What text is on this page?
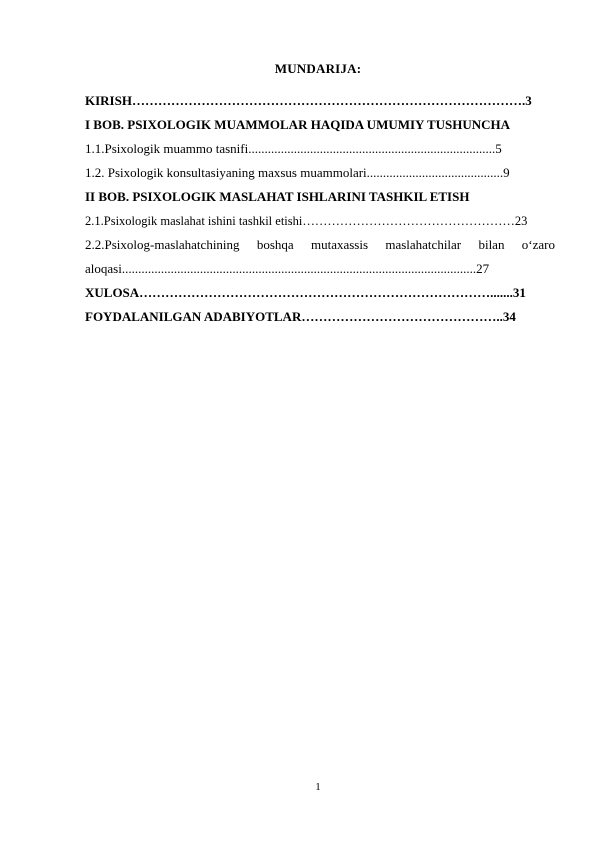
MUNDARIJA:
KIRISH……………………………………………………………………………….3
I BOB. PSIXOLOGIK MUAMMOLAR HAQIDA UMUMIY TUSHUNCHA
1.1.Psixologik muammo tasnifi............................................................................5
1.2. Psixologik konsultasiyaning maxsus muammolari..........................................9
II BOB. PSIXOLOGIK MASLAHAT ISHLARINI TASHKIL ETISH
2.1.Psixologik maslahat ishini tashkil etishi……………………………………………23
2.2.Psixolog-maslahatchining boshqa mutaxassis maslahatchilar bilan o‘zaro
aloqasi.............................................................................................................27
XULOSA……………………………………………………………………….......31
FOYDALANILGAN ADABIYOTLAR………………………………………..34
1
